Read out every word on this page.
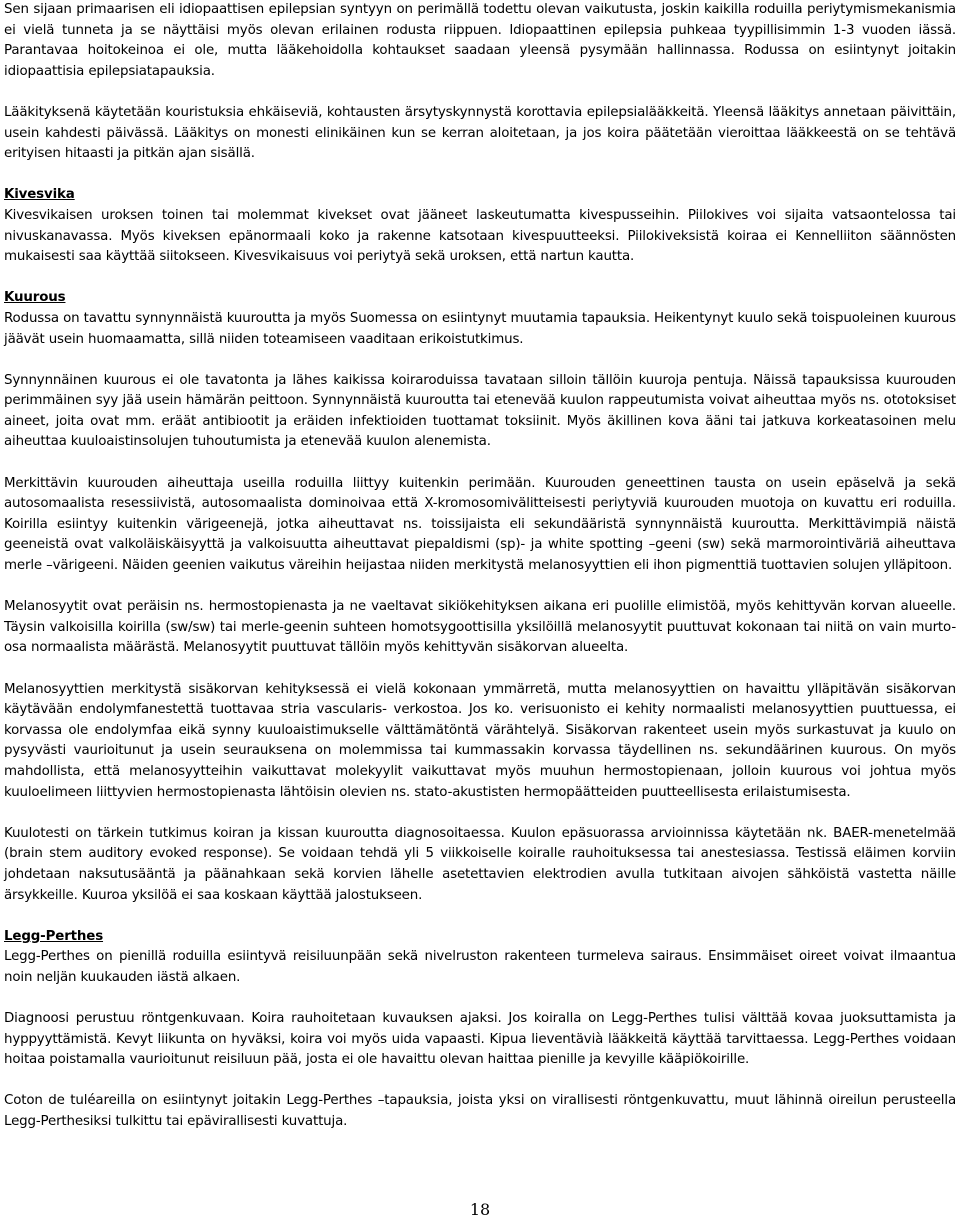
Sen sijaan primaarisen eli idiopaattisen epilepsian syntyyn on perimällä todettu olevan vaikutusta, joskin kaikilla roduilla periytymismekanismia ei vielä tunneta ja se näyttäisi myös olevan erilainen rodusta riippuen. Idiopaattinen epilepsia puhkeaa tyypillisimmin 1-3 vuoden iässä. Parantavaa hoitokeinoa ei ole, mutta lääkehoidolla kohtaukset saadaan yleensä pysymään hallinnassa. Rodussa on esiintynyt joitakin idiopaattisia epilepsiatapauksia.

Lääkityksenä käytetään kouristuksia ehkäiseviä, kohtausten ärsytyskynnystä korottavia epilepsialääkkeitä. Yleensä lääkitys annetaan päivittäin, usein kahdesti päivässä. Lääkitys on monesti elinikäinen kun se kerran aloitetaan, ja jos koira päätetään vieroittaa lääkkeestä on se tehtävä erityisen hitaasti ja pitkän ajan sisällä.

Kivesvika

Kivesvikaisen uroksen toinen tai molemmat kivekset ovat jääneet laskeutumatta kivespusseihin. Piilokives voi sijaita vatsaontelossa tai nivuskanavassa. Myös kiveksen epänormaali koko ja rakenne katsotaan kivespuutteeksi. Piilokiveksistä koiraa ei Kennelliiton säännösten mukaisesti saa käyttää siitokseen. Kivesvikaisuus voi periytyä sekä uroksen, että nartun kautta.

Kuurous

Rodussa on tavattu synnynnäistä kuuroutta ja myös Suomessa on esiintynyt muutamia tapauksia. Heikentynyt kuulo sekä toispuoleinen kuurous jäävät usein huomaamatta, sillä niiden toteamiseen vaaditaan erikoistutkimus.

Synnynnäinen kuurous ei ole tavatonta ja lähes kaikissa koiraroduissa tavataan silloin tällöin kuuroja pentuja. Näissä tapauksissa kuurouden perimmäinen syy jää usein hämärän peittoon. Synnynnäistä kuuroutta tai etenevää kuulon rappeutumista voivat aiheuttaa myös ns. ototoksiset aineet, joita ovat mm. eräät antibiootit ja eräiden infektioiden tuottamat toksiinit. Myös äkillinen kova ääni tai jatkuva korkeatasoinen melu aiheuttaa kuuloaistinsolujen tuhoutumista ja etenevää kuulon alenemista.

Merkittävin kuurouden aiheuttaja useilla roduilla liittyy kuitenkin perimään. Kuurouden geneettinen tausta on usein epäselvä ja sekä autosomaalista resessiivistä, autosomaalista dominoivaa että X-kromosomivälitteisesti periytyviä kuurouden muotoja on kuvattu eri roduilla. Koirilla esiintyy kuitenkin värigeenejä, jotka aiheuttavat ns. toissijaista eli sekundääristä synnynnäistä kuuroutta. Merkittävimpiä näistä geeneistä ovat valkoläiskäisyyttä ja valkoisuutta aiheuttavat piepaldismi (sp)- ja white spotting –geeni (sw) sekä marmorointiväriä aiheuttava merle –värigeeni. Näiden geenien vaikutus väreihin heijastaa niiden merkitystä melanosyyttien eli ihon pigmenttiä tuottavien solujen ylläpitoon.

Melanosyytit ovat peräisin ns. hermostopienasta ja ne vaeltavat sikiökehityksen aikana eri puolille elimistöä, myös kehittyvän korvan alueelle. Täysin valkoisilla koirilla (sw/sw) tai merle-geenin suhteen homotsygoottisilla yksilöillä melanosyytit puuttuvat kokonaan tai niitä on vain murto-osa normaalista määrästä. Melanosyytit puuttuvat tällöin myös kehittyvän sisäkorvan alueelta.

Melanosyyttien merkitystä sisäkorvan kehityksessä ei vielä kokonaan ymmärretä, mutta melanosyyttien on havaittu ylläpitävän sisäkorvan käytävään endolymfanestettä tuottavaa stria vascularis- verkostoa. Jos ko. verisuonisto ei kehity normaalisti melanosyyttien puuttuessa, ei korvassa ole endolymfaa eikä synny kuuloaistimukselle välttämätöntä värähtelyä. Sisäkorvan rakenteet usein myös surkastuvat ja kuulo on pysyvästi vaurioitunut ja usein seurauksena on molemmissa tai kummassakin korvassa täydellinen ns. sekundäärinen kuurous. On myös mahdollista, että melanosyytteihin vaikuttavat molekyylit vaikuttavat myös muuhun hermostopienaan, jolloin kuurous voi johtua myös kuuloelimeen liittyvien hermostopienasta lähtöisin olevien ns. stato-akustisten hermopäätteiden puutteellisesta erilaistumisesta.

Kuulotesti on tärkein tutkimus koiran ja kissan kuuroutta diagnosoitaessa. Kuulon epäsuorassa arvioinnissa käytetään nk. BAER-menetelmää (brain stem auditory evoked response). Se voidaan tehdä yli 5 viikkoiselle koiralle rauhoituksessa tai anestesiassa. Testissä eläimen korviin johdetaan naksutusääntä ja päänahkaan sekä korvien lähelle asetettavien elektrodien avulla tutkitaan aivojen sähköistä vastetta näille ärsykkeille. Kuuroa yksilöä ei saa koskaan käyttää jalostukseen.

Legg-Perthes

Legg-Perthes on pienillä roduilla esiintyvä reisiluunpään sekä nivelruston rakenteen turmeleva sairaus. Ensimmäiset oireet voivat ilmaantua noin neljän kuukauden iästä alkaen.

Diagnoosi perustuu röntgenkuvaan. Koira rauhoitetaan kuvauksen ajaksi. Jos koiralla on Legg-Perthes tulisi välttää kovaa juoksuttamista ja hyppyyttämistä. Kevyt liikunta on hyväksi, koira voi myös uida vapaasti. Kipua lieventävià lääkkeitä käyttää tarvittaessa. Legg-Perthes voidaan hoitaa poistamalla vaurioitunut reisiluun pää, josta ei ole havaittu olevan haittaa pienille ja kevyille kääpiökoirille.

Coton de tuléareilla on esiintynyt joitakin Legg-Perthes –tapauksia, joista yksi on virallisesti röntgenkuvattu, muut lähinnä oireilun perusteella Legg-Perthesiksi tulkittu tai epävirallisesti kuvattuja.

18
